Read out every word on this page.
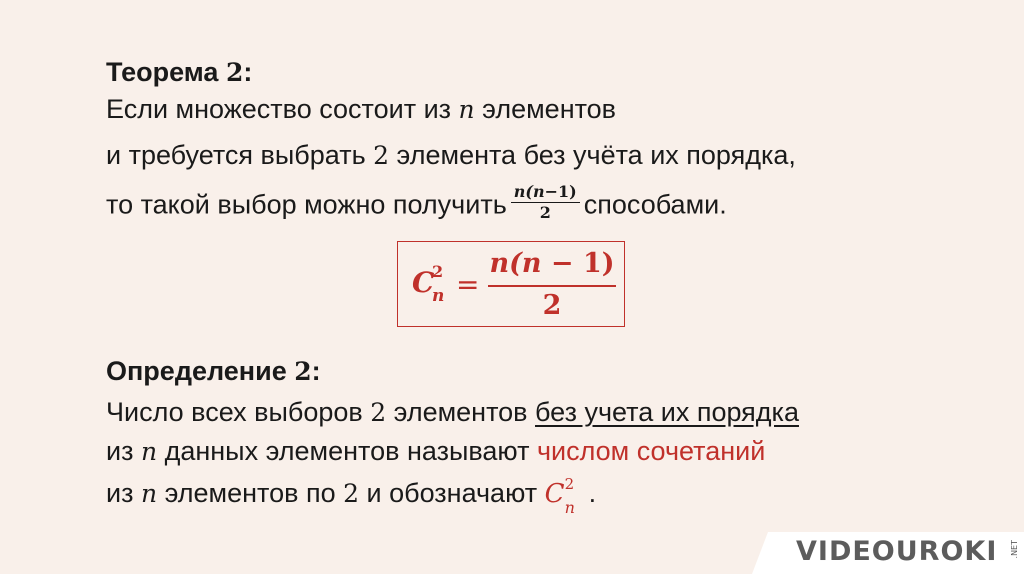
Теорема 2:
Если множество состоит из n элементов
и требуется выбрать 2 элемента без учёта их порядка,
то такой выбор можно получить $\frac{n(n-1)}{2}$ способами.
C
2
n =
n(n − 1)
2
Определение 2:
Число всех выборов 2 элементов без учета их порядка
из n данных элементов называют числом сочетаний
из n элементов по 2 и обозначают C 2
n .
VIDEOUROKI .NET
